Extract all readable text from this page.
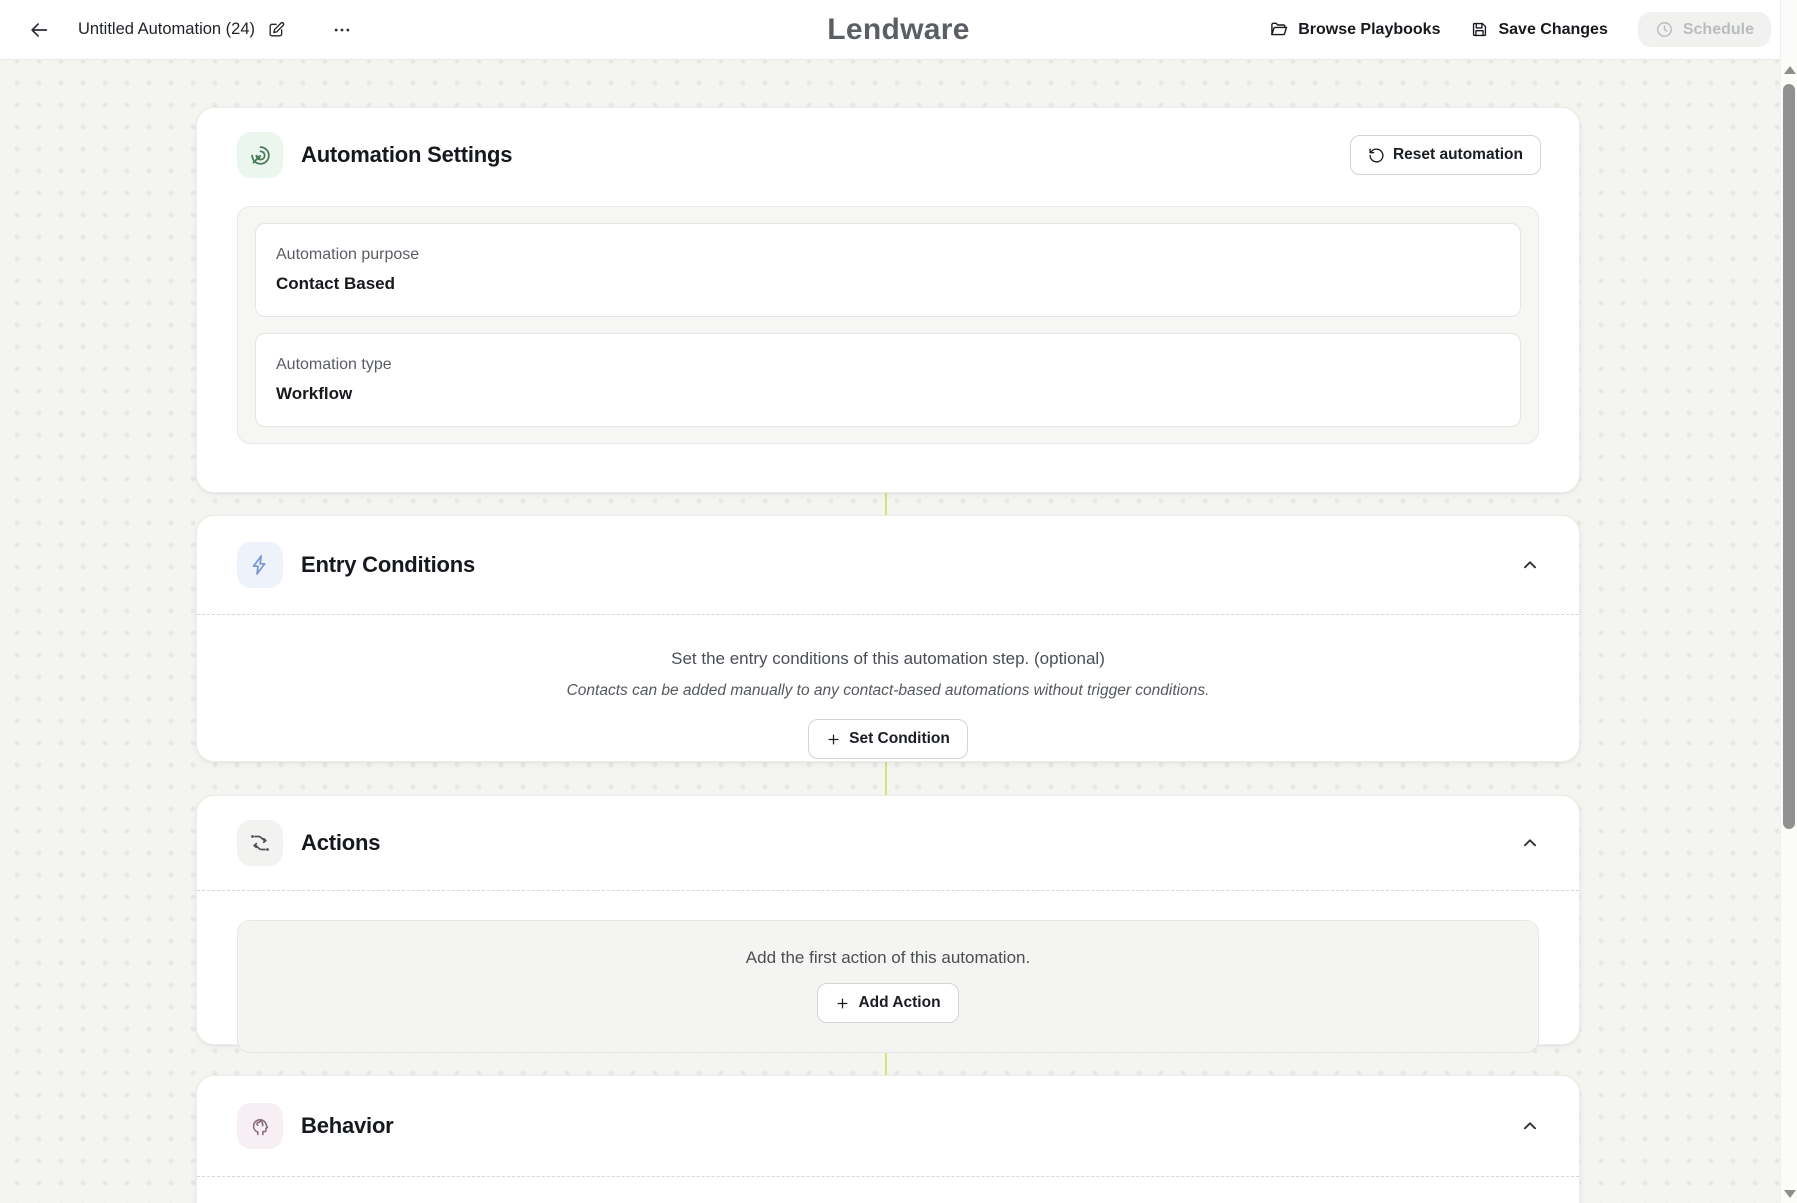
Untitled Automation (24)	Lendware	Browse Playbooks	Save Changes	Schedule
Automation Settings	Reset automation
Automation purpose
Contact Based
Automation type
Workflow
Entry Conditions
Set the entry conditions of this automation step. (optional)
Contacts can be added manually to any contact-based automations without trigger conditions.
Set Condition
Actions
Add the first action of this automation.
Add Action
Behavior
